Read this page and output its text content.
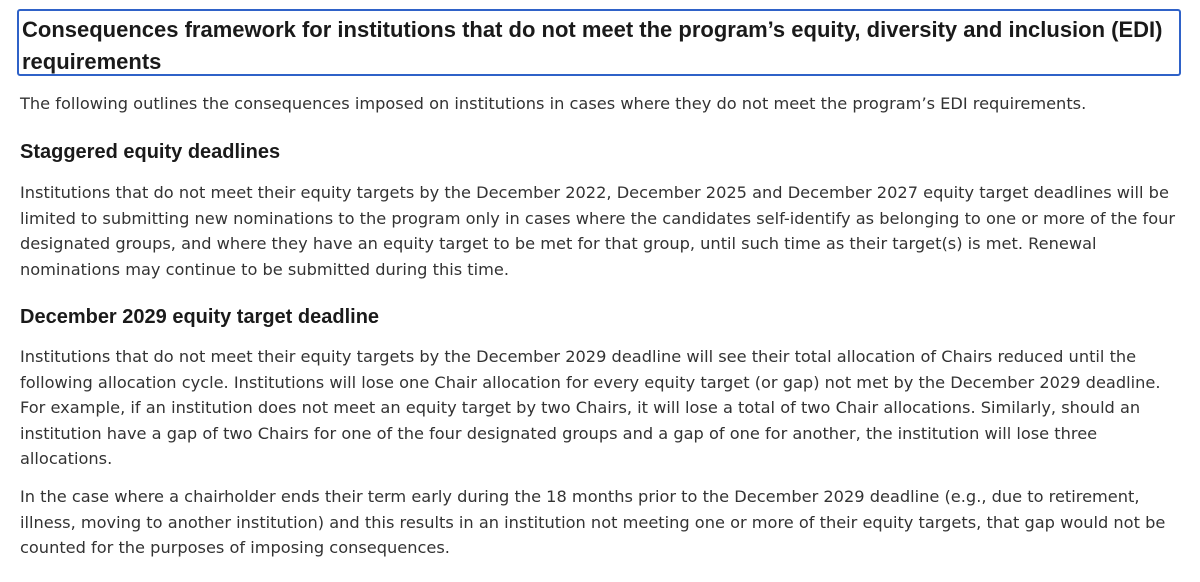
Consequences framework for institutions that do not meet the program’s equity, diversity and inclusion (EDI) requirements

The following outlines the consequences imposed on institutions in cases where they do not meet the program’s EDI requirements.

Staggered equity deadlines

Institutions that do not meet their equity targets by the December 2022, December 2025 and December 2027 equity target deadlines will be limited to submitting new nominations to the program only in cases where the candidates self-identify as belonging to one or more of the four designated groups, and where they have an equity target to be met for that group, until such time as their target(s) is met. Renewal nominations may continue to be submitted during this time.

December 2029 equity target deadline

Institutions that do not meet their equity targets by the December 2029 deadline will see their total allocation of Chairs reduced until the following allocation cycle. Institutions will lose one Chair allocation for every equity target (or gap) not met by the December 2029 deadline. For example, if an institution does not meet an equity target by two Chairs, it will lose a total of two Chair allocations. Similarly, should an institution have a gap of two Chairs for one of the four designated groups and a gap of one for another, the institution will lose three allocations.

In the case where a chairholder ends their term early during the 18 months prior to the December 2029 deadline (e.g., due to retirement, illness, moving to another institution) and this results in an institution not meeting one or more of their equity targets, that gap would not be counted for the purposes of imposing consequences.
